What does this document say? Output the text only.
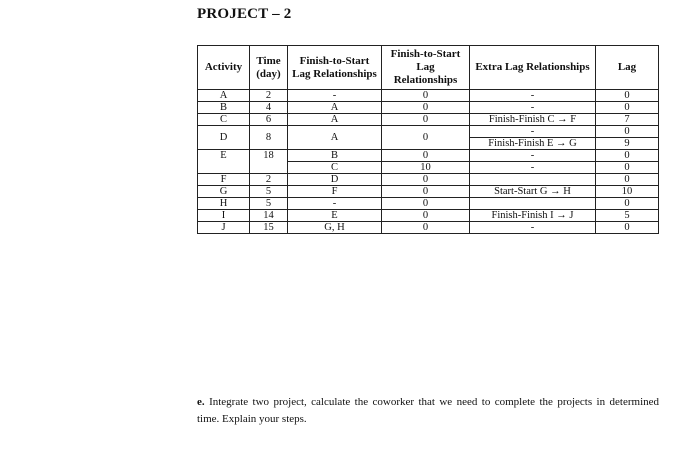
PROJECT – 2
Activity	Time (day)	Finish-to-Start Lag Relationships	Finish-to-Start Lag Relationships	Extra Lag Relationships	Lag
A	2	-	0	-	0
B	4	A	0	-	0
C	6	A	0	Finish-Finish C → F	7
D	8	A	0	-	0
				Finish-Finish E → G	9
E	18	B	0	-	0
		C	10	-	0
F	2	D	0		0
G	5	F	0	Start-Start G → H	10
H	5	-	0		0
I	14	E	0	Finish-Finish I → J	5
J	15	G, H	0	-	0
e. Integrate two project, calculate the coworker that we need to complete the projects in determined time. Explain your steps.
